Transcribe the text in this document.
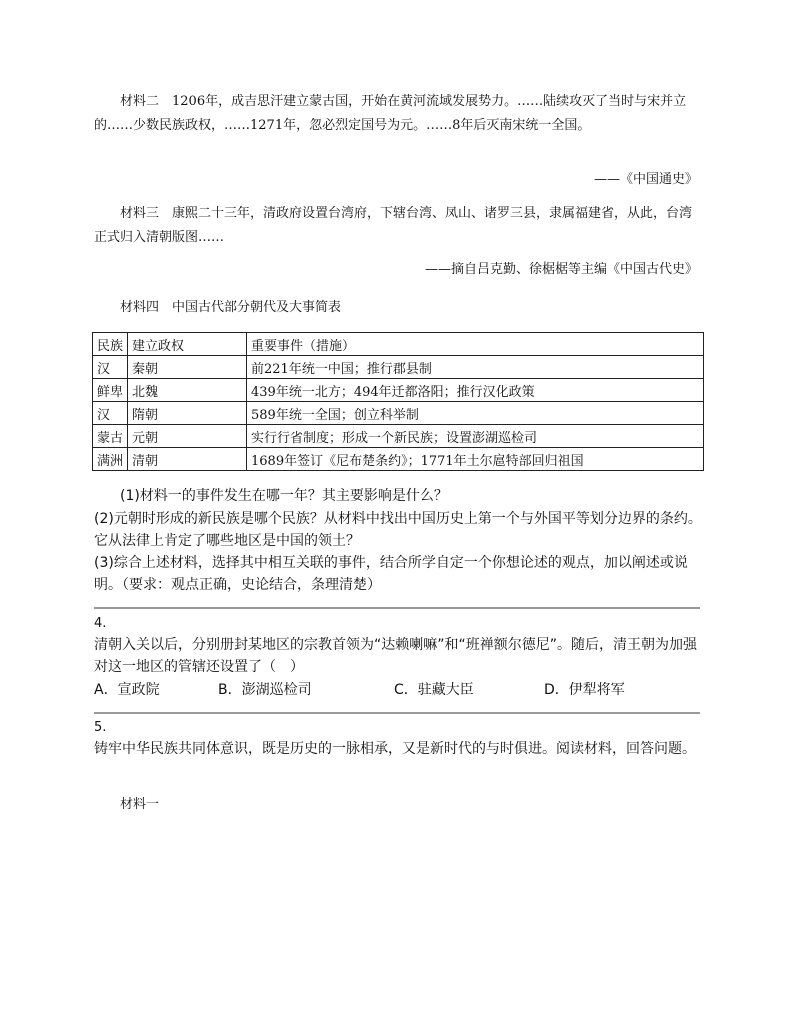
材料二　1206年，成吉思汗建立蒙古国，开始在黄河流域发展势力。……陆续攻灭了当时与宋并立的……少数民族政权，……1271年，忽必烈定国号为元。……8年后灭南宋统一全国。
——《中国通史》
材料三　康熙二十三年，清政府设置台湾府，下辖台湾、凤山、诸罗三县，隶属福建省，从此，台湾正式归入清朝版图……
——摘自吕克勤、徐椐椐等主编《中国古代史》
材料四　中国古代部分朝代及大事简表
民族	建立政权	重要事件（措施）
汉	秦朝	前221年统一中国；推行郡县制
鲜卑	北魏	439年统一北方；494年迁都洛阳；推行汉化政策
汉	隋朝	589年统一全国；创立科举制
蒙古	元朝	实行行省制度；形成一个新民族；设置澎湖巡检司
满洲	清朝	1689年签订《尼布楚条约》；1771年土尔扈特部回归祖国
(1)材料一的事件发生在哪一年？其主要影响是什么？
(2)元朝时形成的新民族是哪个民族？从材料中找出中国历史上第一个与外国平等划分边界的条约。它从法律上肯定了哪些地区是中国的领土？
(3)综合上述材料，选择其中相互关联的事件，结合所学自定一个你想论述的观点，加以阐述或说明。（要求：观点正确，史论结合，条理清楚）
4.
清朝入关以后，分别册封某地区的宗教首领为“达赖喇嘛”和“班禅额尔德尼”。随后，清王朝为加强对这一地区的管辖还设置了（　）
A．宣政院	B．澎湖巡检司	C．驻藏大臣	D．伊犁将军
5.
铸牢中华民族共同体意识，既是历史的一脉相承，又是新时代的与时俱进。阅读材料，回答问题。
材料一
